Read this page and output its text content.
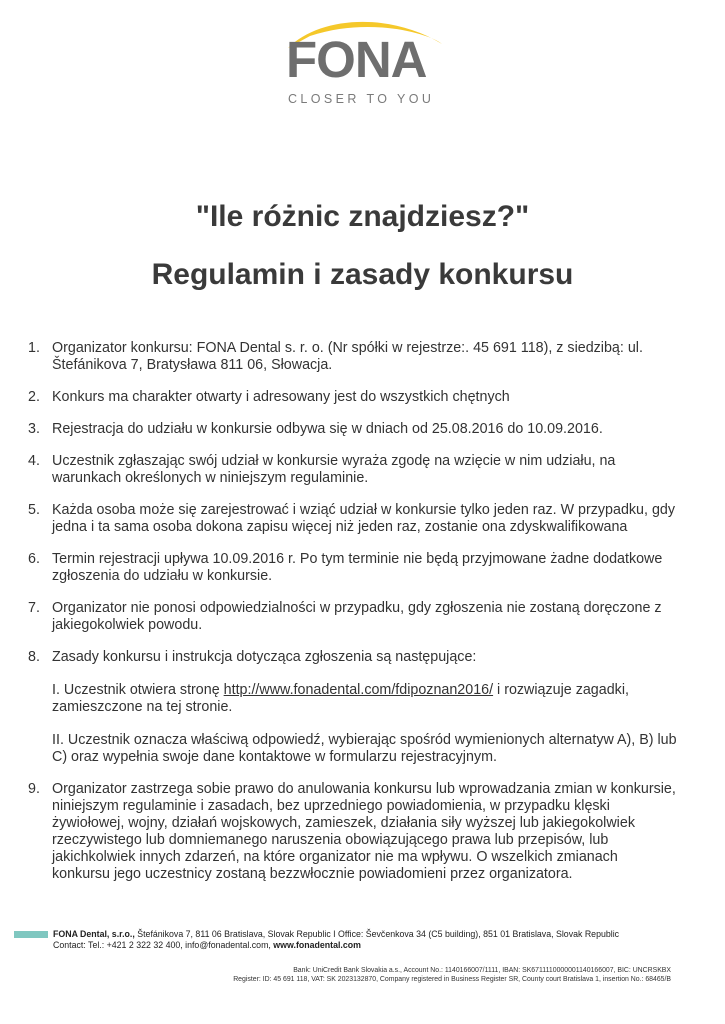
FONA
CLOSER TO YOU
"Ile różnic znajdziesz?"
Regulamin i zasady konkursu
1. Organizator konkursu: FONA Dental s. r. o. (Nr spółki w rejestrze:. 45 691 118), z siedzibą: ul. Štefánikova 7, Bratysława 811 06, Słowacja.
2. Konkurs ma charakter otwarty i adresowany jest do wszystkich chętnych
3. Rejestracja do udziału w konkursie odbywa się w dniach od 25.08.2016 do 10.09.2016.
4. Uczestnik zgłaszając swój udział w konkursie wyraża zgodę na wzięcie w nim udziału, na warunkach określonych w niniejszym regulaminie.
5. Każda osoba może się zarejestrować i wziąć udział w konkursie tylko jeden raz. W przypadku, gdy jedna i ta sama osoba dokona zapisu więcej niż jeden raz, zostanie ona zdyskwalifikowana
6. Termin rejestracji upływa 10.09.2016 r. Po tym terminie nie będą przyjmowane żadne dodatkowe zgłoszenia do udziału w konkursie.
7. Organizator nie ponosi odpowiedzialności w przypadku, gdy zgłoszenia nie zostaną doręczone z jakiegokolwiek powodu.
8. Zasady konkursu i instrukcja dotycząca zgłoszenia są następujące:
I. Uczestnik otwiera stronę http://www.fonadental.com/fdipoznan2016/ i rozwiązuje zagadki, zamieszczone na tej stronie.
II. Uczestnik oznacza właściwą odpowiedź, wybierając spośród wymienionych alternatyw A), B) lub C) oraz wypełnia swoje dane kontaktowe w formularzu rejestracyjnym.
9. Organizator zastrzega sobie prawo do anulowania konkursu lub wprowadzania zmian w konkursie, niniejszym regulaminie i zasadach, bez uprzedniego powiadomienia, w przypadku klęski żywiołowej, wojny, działań wojskowych, zamieszek, działania siły wyższej lub jakiegokolwiek rzeczywistego lub domniemanego naruszenia obowiązującego prawa lub przepisów, lub jakichkolwiek innych zdarzeń, na które organizator nie ma wpływu. O wszelkich zmianach konkursu jego uczestnicy zostaną bezzwłocznie powiadomieni przez organizatora.
FONA Dental, s.r.o., Štefánikova 7, 811 06 Bratislava, Slovak Republic I Office: Ševčenkova 34 (C5 building), 851 01 Bratislava, Slovak Republic
Contact: Tel.: +421 2 322 32 400, info@fonadental.com, www.fonadental.com
Bank: UniCredit Bank Slovakia a.s., Account No.: 1140166007/1111, IBAN: SK6711110000001140166007, BIC: UNCRSKBX
Register: ID: 45 691 118, VAT: SK 2023132870, Company registered in Business Register SR, County court Bratislava 1, insertion No.: 68465/B
